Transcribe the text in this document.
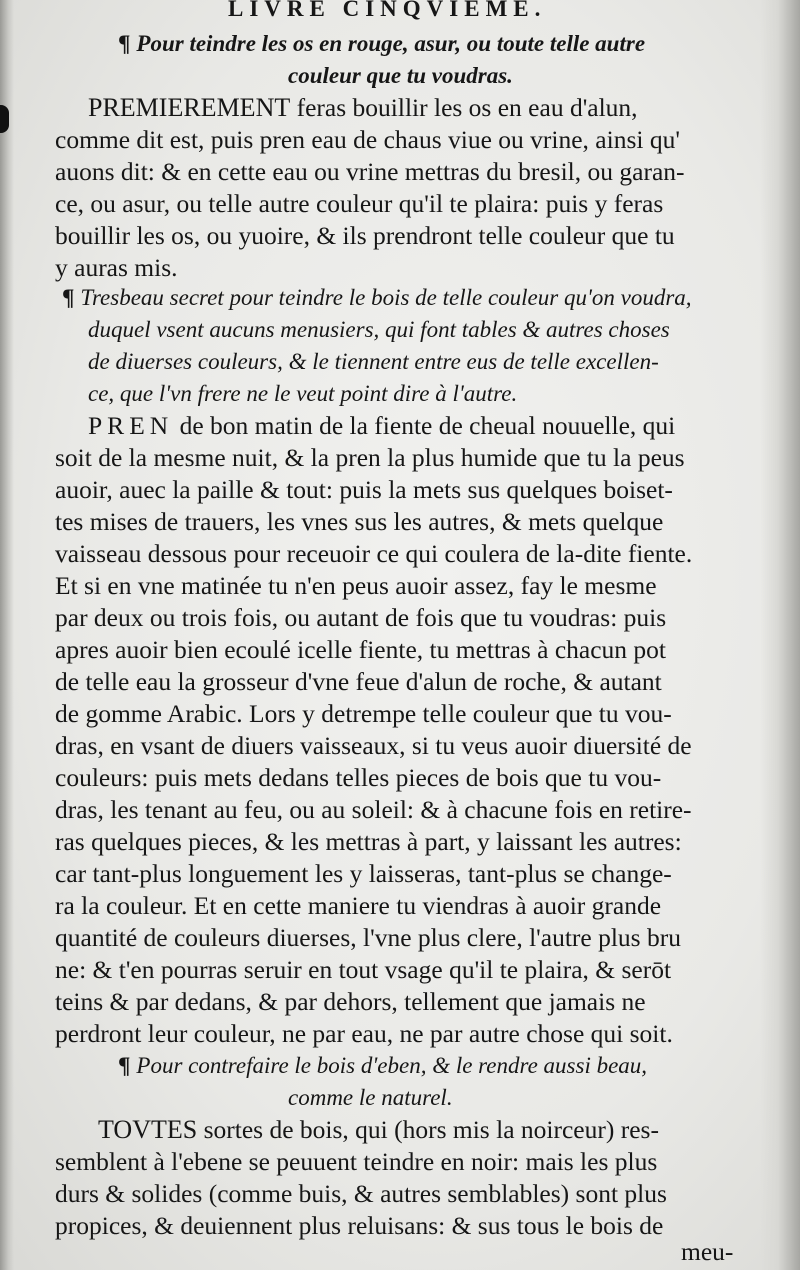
LIVRE CINQVIEME.
¶ Pour teindre les os en rouge, asur, ou toute telle autre
couleur que tu voudras.
PREMIEREMENT feras bouillir les os en eau d'alun,
comme dit est, puis pren eau de chaus viue ou vrine, ainsi qu'
auons dit: & en cette eau ou vrine mettras du bresil, ou garan-
ce, ou asur, ou telle autre couleur qu'il te plaira: puis y feras
bouillir les os, ou yuoire, & ils prendront telle couleur que tu
y auras mis.
¶ Tresbeau secret pour teindre le bois de telle couleur qu'on voudra,
duquel vsent aucuns menusiers, qui font tables & autres choses
de diuerses couleurs, & le tiennent entre eus de telle excellen-
ce, que l'vn frere ne le veut point dire à l'autre.
PREN de bon matin de la fiente de cheual nouuelle, qui
soit de la mesme nuit, & la pren la plus humide que tu la peus
auoir, auec la paille & tout: puis la mets sus quelques boiset-
tes mises de trauers, les vnes sus les autres, & mets quelque
vaisseau dessous pour receuoir ce qui coulera de la-dite fiente.
Et si en vne matinée tu n'en peus auoir assez, fay le mesme
par deux ou trois fois, ou autant de fois que tu voudras: puis
apres auoir bien ecoulé icelle fiente, tu mettras à chacun pot
de telle eau la grosseur d'vne feue d'alun de roche, & autant
de gomme Arabic. Lors y detrempe telle couleur que tu vou-
dras, en vsant de diuers vaisseaux, si tu veus auoir diuersité de
couleurs: puis mets dedans telles pieces de bois que tu vou-
dras, les tenant au feu, ou au soleil: & à chacune fois en retire-
ras quelques pieces, & les mettras à part, y laissant les autres:
car tant-plus longuement les y laisseras, tant-plus se change-
ra la couleur. Et en cette maniere tu viendras à auoir grande
quantité de couleurs diuerses, l'vne plus clere, l'autre plus bru
ne: & t'en pourras seruir en tout vsage qu'il te plaira, & serōt
teins & par dedans, & par dehors, tellement que jamais ne
perdront leur couleur, ne par eau, ne par autre chose qui soit.
¶ Pour contrefaire le bois d'eben, & le rendre aussi beau,
comme le naturel.
TOVTES sortes de bois, qui (hors mis la noirceur) res-
semblent à l'ebene se peuuent teindre en noir: mais les plus
durs & solides (comme buis, & autres semblables) sont plus
propices, & deuiennent plus reluisans: & sus tous le bois de
meu-
